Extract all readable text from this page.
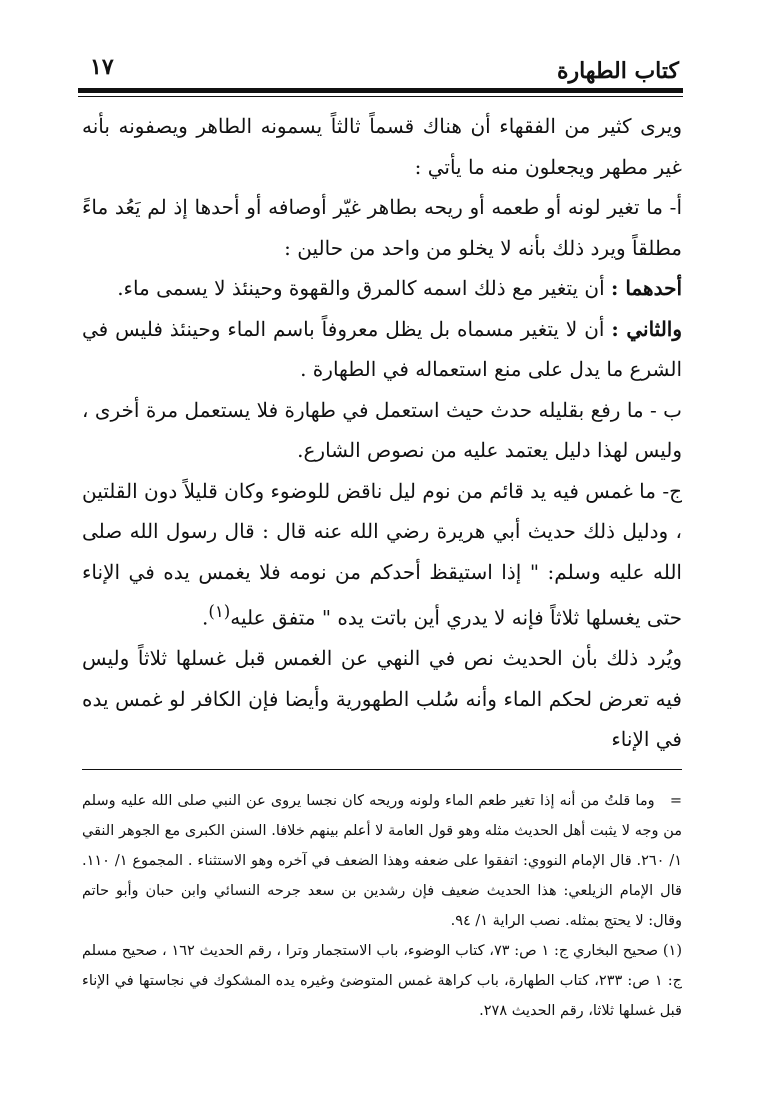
١٧	كتاب الطهارة

ويرى كثير من الفقهاء أن هناك قسماً ثالثاً يسمونه الطاهر ويصفونه بأنه غير مطهر ويجعلون منه ما يأتي :

أ- ما تغير لونه أو طعمه أو ريحه بطاهر غيّر أوصافه أو أحدها إذ لم يَعُد ماءً مطلقاً ويرد ذلك بأنه لا يخلو من واحد من حالين :

أحدهما : أن يتغير مع ذلك اسمه كالمرق والقهوة وحينئذ لا يسمى ماء.

والثاني : أن لا يتغير مسماه بل يظل معروفاً باسم الماء وحينئذ فليس في الشرع ما يدل على منع استعماله في الطهارة .

ب - ما رفع بقليله حدث حيث استعمل في طهارة فلا يستعمل مرة أخرى ، وليس لهذا دليل يعتمد عليه من نصوص الشارع.

ج- ما غمس فيه يد قائم من نوم ليل ناقض للوضوء وكان قليلاً دون القلتين ، ودليل ذلك حديث أبي هريرة رضي الله عنه قال : قال رسول الله صلى الله عليه وسلم: " إذا استيقظ أحدكم من نومه فلا يغمس يده في الإناء حتى يغسلها ثلاثاً فإنه لا يدري أين باتت يده " متفق عليه$^{(١)}$.

ويُرد ذلك بأن الحديث نص في النهي عن الغمس قبل غسلها ثلاثاً وليس فيه تعرض لحكم الماء وأنه سُلب الطهورية وأيضا فإن الكافر لو غمس يده في الإناء

=   وما قلتُ من أنه إذا تغير طعم الماء ولونه وريحه كان نجسا يروى عن النبي صلى الله عليه وسلم من وجه لا يثبت أهل الحديث مثله وهو قول العامة لا أعلم بينهم خلافا. السنن الكبرى مع الجوهر النقي ١/ ٢٦٠. قال الإمام النووي: اتفقوا على ضعفه وهذا الضعف في آخره وهو الاستثناء . المجموع ١/ ١١٠. قال الإمام الزيلعي: هذا الحديث ضعيف فإن رشدين بن سعد جرحه النسائي وابن حبان وأبو حاتم وقال: لا يحتج بمثله. نصب الراية ١/ ٩٤.

(١) صحيح البخاري ج: ١ ص: ٧٣، كتاب الوضوء، باب الاستجمار وترا ، رقم الحديث ١٦٢ ، صحيح مسلم ج: ١ ص: ٢٣٣، كتاب الطهارة، باب كراهة غمس المتوضئ وغيره يده المشكوك في نجاستها في الإناء قبل غسلها ثلاثا، رقم الحديث ٢٧٨.
